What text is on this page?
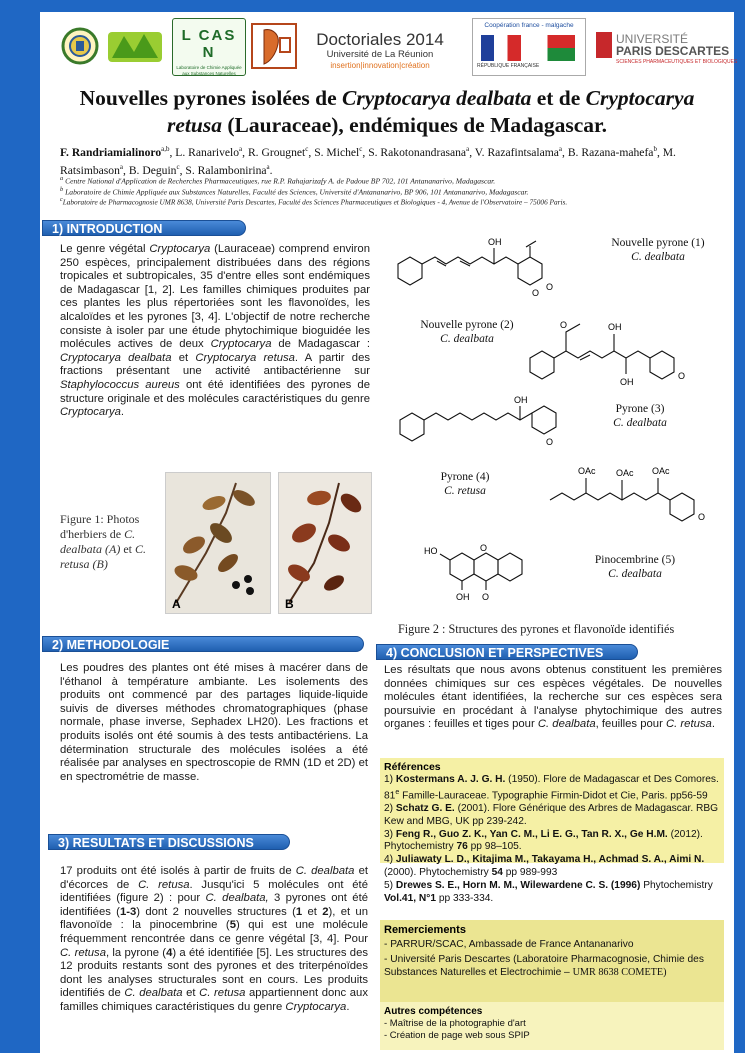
L CAS N
Laboratoire de Chimie Appliquée aux Substances Naturelles
Doctoriales 2014
Université de La Réunion
insertion|innovation|création
Coopération france - malgache
RÉPUBLIQUE FRANÇAISE
UNIVERSITÉ
PARIS DESCARTES
SCIENCES PHARMACEUTIQUES ET BIOLOGIQUES
Nouvelles pyrones isolées de Cryptocarya dealbata et de Cryptocarya
retusa (Lauraceae), endémiques de Madagascar.
F. Randriamialinoro$^{a,b}$, L. Ranarivelo$^a$, R. Grougnet$^c$, S. Michel$^c$, S. Rakotonandrasana$^a$, V. Razafintsalama$^a$, B. Razana-mahefa$^b$, M. Ratsimbason$^a$, B. Deguin$^c$, S. Ralambonirina$^a$.
$^a$ Centre National d'Application de Recherches Pharmaceutiques, rue R.P. Rahajarizafy A. de Padoue BP 702, 101 Antananarivo, Madagascar.
$^b$ Laboratoire de Chimie Appliquée aux Substances Naturelles, Faculté des Sciences, Université d'Antananarivo, BP 906, 101 Antananarivo, Madagascar.
$^c$Laboratoire de Pharmacognosie UMR 8638, Université Paris Descartes, Faculté des Sciences Pharmaceutiques et Biologiques - 4, Avenue de l'Observatoire – 75006 Paris.
1) INTRODUCTION
Le genre végétal Cryptocarya (Lauraceae) comprend environ 250 espèces, principalement distribuées dans des régions tropicales et subtropicales, 35 d'entre elles sont endémiques de Madagascar [1, 2]. Les familles chimiques produites par ces plantes les plus répertoriées sont les flavonoïdes, les alcaloïdes et les pyrones [3, 4]. L'objectif de notre recherche consiste à isoler par une étude phytochimique bioguidée les molécules actives de deux Cryptocarya de Madagascar : Cryptocarya dealbata et Cryptocarya retusa. A partir des fractions présentant une activité antibactérienne sur Staphylococcus aureus ont été identifiées des pyrones de structure originale et des molécules caractéristiques du genre Cryptocarya.
Figure 1: Photos d'herbiers de C. dealbata (A) et C. retusa (B)
A	B
2) METHODOLOGIE
Les poudres des plantes ont été mises à macérer dans de l'éthanol à température ambiante. Les isolements des produits ont commencé par des partages liquide-liquide suivis de diverses méthodes chromatographiques (phase normale, phase inverse, Sephadex LH20). Les fractions et produits isolés ont été soumis à des tests antibactériens. La détermination structurale des molécules isolées a été réalisée par analyses en spectroscopie de RMN (1D et 2D) et en spectrométrie de masse.
3) RESULTATS ET DISCUSSIONS
17 produits ont été isolés à partir de fruits de C. dealbata et d'écorces de C. retusa. Jusqu'ici 5 molécules ont été identifiées (figure 2) : pour C. dealbata, 3 pyrones ont été identifiées (1-3) dont 2 nouvelles structures (1 et 2), et un flavonoïde : la pinocembrine (5) qui est une molécule fréquemment rencontrée dans ce genre végétal [3, 4]. Pour C. retusa, la pyrone (4) a été identifiée [5]. Les structures des 12 produits restants sont des pyrones et des triterpénoïdes dont les analyses structurales sont en cours. Les produits identifiés de C. dealbata et C. retusa appartiennent donc aux familles chimiques caractéristiques du genre Cryptocarya.
OH
O
O
O	OH
OH
O
OH
O
OAc OAc OAc
O
HO
OH O
O
Nouvelle pyrone (1)
C. dealbata
Nouvelle pyrone (2)
C. dealbata
Pyrone (3)
C. dealbata
Pyrone (4)
C. retusa
Pinocembrine (5)
C. dealbata
Figure 2 : Structures des pyrones et flavonoïde identifiés
4) CONCLUSION ET PERSPECTIVES
Les résultats que nous avons obtenus constituent les premières données chimiques sur ces espèces végétales. De nouvelles molécules étant identifiées, la recherche sur ces espèces sera poursuivie en procédant à l'analyse phytochimique des autres organes : feuilles et tiges pour C. dealbata, feuilles pour C. retusa.
Références
1) Kostermans A. J. G. H. (1950). Flore de Madagascar et Des Comores. 81e Famille-Lauraceae. Typographie Firmin-Didot et Cie, Paris. pp56-59
2) Schatz G. E. (2001). Flore Générique des Arbres de Madagascar. RBG Kew and MBG, UK pp 239-242.
3) Feng R., Guo Z. K., Yan C. M., Li E. G., Tan R. X., Ge H.M. (2012). Phytochemistry 76 pp 98–105.
4) Juliawaty L. D., Kitajima M., Takayama H., Achmad S. A., Aimi N. (2000). Phytochemistry 54 pp 989-993
5) Drewes S. E., Horn M. M., Wilewardene C. S. (1996) Phytochemistry Vol.41, N°1 pp 333-334.
Remerciements
- PARRUR/SCAC, Ambassade de France Antananarivo
- Université Paris Descartes (Laboratoire Pharmacognosie, Chimie des Substances Naturelles et Electrochimie – UMR 8638 COMETE)
Autres compétences
- Maîtrise de la photographie d'art
- Création de page web sous SPIP
